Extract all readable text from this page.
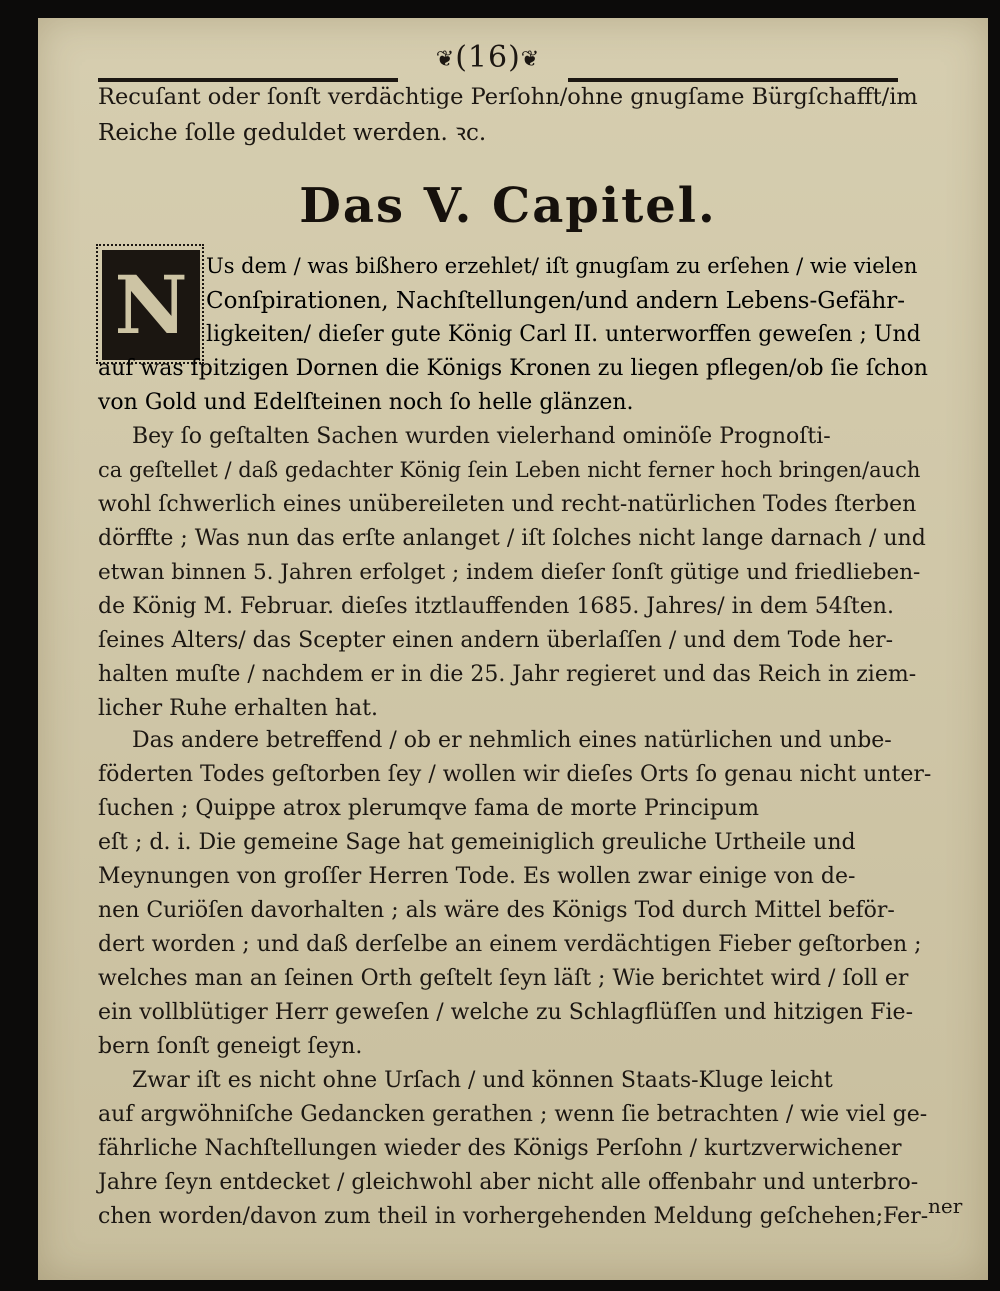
❦(16)❦
Recuſant oder ſonſt verdächtige Perſohn/ohne gnugſame Bürgſchafft/im
Reiche ſolle geduldet werden. ꝛc.
Das V. Capitel.
N Us dem / was bißhero erzehlet/ iſt gnugſam zu erſehen / wie vielen
Conſpirationen, Nachſtellungen/und andern Lebens-Gefähr-
ligkeiten/ dieſer gute König Carl II. unterworffen geweſen ; Und
auf was ſpitzigen Dornen die Königs Kronen zu liegen pflegen/ob ſie ſchon
von Gold und Edelſteinen noch ſo helle glänzen.
Bey ſo geſtalten Sachen wurden vielerhand ominöſe Prognoſti-
ca geſtellet / daß gedachter König ſein Leben nicht ferner hoch bringen/auch
wohl ſchwerlich eines unübereileten und recht-natürlichen Todes ſterben
dörffte ; Was nun das erſte anlanget / iſt ſolches nicht lange darnach / und
etwan binnen 5. Jahren erfolget ; indem dieſer ſonſt gütige und friedlieben-
de König M. Februar. dieſes itztlauffenden 1685. Jahres/ in dem 54ſten.
ſeines Alters/ das Scepter einen andern überlaſſen / und dem Tode her-
halten muſte / nachdem er in die 25. Jahr regieret und das Reich in ziem-
licher Ruhe erhalten hat.
Das andere betreffend / ob er nehmlich eines natürlichen und unbe-
föderten Todes geſtorben ſey / wollen wir dieſes Orts ſo genau nicht unter-
ſuchen ; Quippe atrox plerumqve fama de morte Principum
eſt ; d. i. Die gemeine Sage hat gemeiniglich greuliche Urtheile und
Meynungen von groſſer Herren Tode. Es wollen zwar einige von de-
nen Curiöſen davorhalten ; als wäre des Königs Tod durch Mittel beför-
dert worden ; und daß derſelbe an einem verdächtigen Fieber geſtorben ;
welches man an ſeinen Orth geſtelt ſeyn läſt ; Wie berichtet wird / ſoll er
ein vollblütiger Herr geweſen / welche zu Schlagflüſſen und hitzigen Fie-
bern ſonſt geneigt ſeyn.
Zwar iſt es nicht ohne Urſach / und können Staats-Kluge leicht
auf argwöhniſche Gedancken gerathen ; wenn ſie betrachten / wie viel ge-
fährliche Nachſtellungen wieder des Königs Perſohn / kurtzverwichener
Jahre ſeyn entdecket / gleichwohl aber nicht alle offenbahr und unterbro-
chen worden/davon zum theil in vorhergehenden Meldung geſchehen;Fer- ner
